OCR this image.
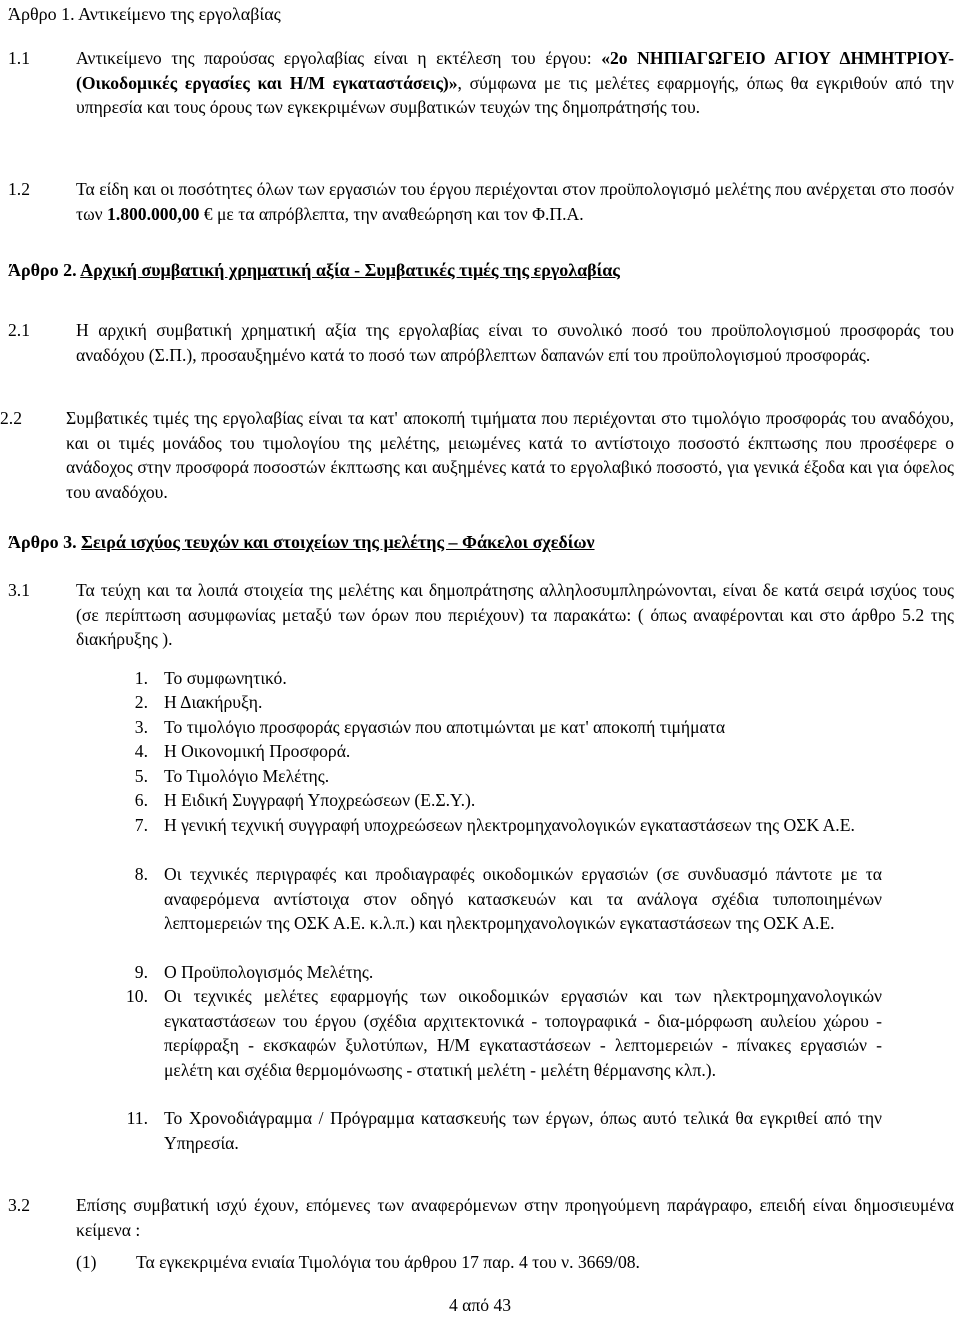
Άρθρο 1. Αντικείμενο της εργολαβίας
1.1	Αντικείμενο της παρούσας εργολαβίας είναι η εκτέλεση του έργου: «2ο ΝΗΠΙΑΓΩΓΕΙΟ ΑΓΙΟΥ ΔΗΜΗΤΡΙΟΥ- (Οικοδομικές εργασίες και Η/Μ εγκαταστάσεις)», σύμφωνα με τις μελέτες εφαρμογής, όπως θα εγκριθούν από την υπηρεσία και τους όρους των εγκεκριμένων συμβατικών τευχών της δημοπράτησής του.
1.2	Τα είδη και οι ποσότητες όλων των εργασιών του έργου περιέχονται στον προϋπολογισμό μελέτης που ανέρχεται στο ποσόν των 1.800.000,00 € με τα απρόβλεπτα, την αναθεώρηση και τον Φ.Π.Α.
Άρθρο 2. Αρχική συμβατική χρηματική αξία - Συμβατικές τιμές της εργολαβίας
2.1	Η αρχική συμβατική χρηματική αξία της εργολαβίας είναι το συνολικό ποσό του προϋπολογισμού προσφοράς του αναδόχου (Σ.Π.), προσαυξημένο κατά το ποσό των απρόβλεπτων δαπανών επί του προϋπολογισμού προσφοράς.
2.2	Συμβατικές τιμές της εργολαβίας είναι τα κατ' αποκοπή τιμήματα που περιέχονται στο τιμολόγιο προσφοράς του αναδόχου, και οι τιμές μονάδος του τιμολογίου της μελέτης, μειωμένες κατά το αντίστοιχο ποσοστό έκπτωσης που προσέφερε ο ανάδοχος στην προσφορά ποσοστών έκπτωσης και αυξημένες κατά το εργολαβικό ποσοστό, για γενικά έξοδα και για όφελος του αναδόχου.
Άρθρο 3. Σειρά ισχύος τευχών και στοιχείων της μελέτης – Φάκελοι σχεδίων
3.1	Τα τεύχη και τα λοιπά στοιχεία της μελέτης και δημοπράτησης αλληλοσυμπληρώνονται, είναι δε κατά σειρά ισχύος τους (σε περίπτωση ασυμφωνίας μεταξύ των όρων που περιέχουν) τα παρακάτω: ( όπως αναφέρονται και στο άρθρο 5.2 της διακήρυξης ).
1. Το συμφωνητικό.
2. Η Διακήρυξη.
3. Το τιμολόγιο προσφοράς εργασιών που αποτιμώνται με κατ' αποκοπή τιμήματα
4. Η Οικονομική Προσφορά.
5. Το Τιμολόγιο Μελέτης.
6. Η Ειδική Συγγραφή Υποχρεώσεων (Ε.Σ.Υ.).
7. Η γενική τεχνική συγγραφή υποχρεώσεων ηλεκτρομηχανολογικών εγκαταστάσεων της ΟΣΚ Α.Ε.
8. Οι τεχνικές περιγραφές και προδιαγραφές οικοδομικών εργασιών (σε συνδυασμό πάντοτε με τα αναφερόμενα αντίστοιχα στον οδηγό κατασκευών και τα ανάλογα σχέδια τυποποιημένων λεπτομερειών της ΟΣΚ Α.Ε. κ.λ.π.) και ηλεκτρομηχανολογικών εγκαταστάσεων της ΟΣΚ Α.Ε.
9. Ο Προϋπολογισμός Μελέτης.
10. Οι τεχνικές μελέτες εφαρμογής των οικοδομικών εργασιών και των ηλεκτρομηχανολογικών εγκαταστάσεων του έργου (σχέδια αρχιτεκτονικά - τοπογραφικά - δια-μόρφωση αυλείου χώρου - περίφραξη - εκσκαφών ξυλοτύπων, Η/Μ εγκαταστάσεων - λεπτομερειών - πίνακες εργασιών - μελέτη και σχέδια θερμομόνωσης - στατική μελέτη - μελέτη θέρμανσης κλπ.).
11. Το Χρονοδιάγραμμα / Πρόγραμμα κατασκευής των έργων, όπως αυτό τελικά θα εγκριθεί από την Υπηρεσία.
3.2	Επίσης συμβατική ισχύ έχουν, επόμενες των αναφερόμενων στην προηγούμενη παράγραφο, επειδή είναι δημοσιευμένα κείμενα :
(1)	Τα εγκεκριμένα ενιαία Τιμολόγια του άρθρου 17 παρ. 4 του ν. 3669/08.
4 από 43
